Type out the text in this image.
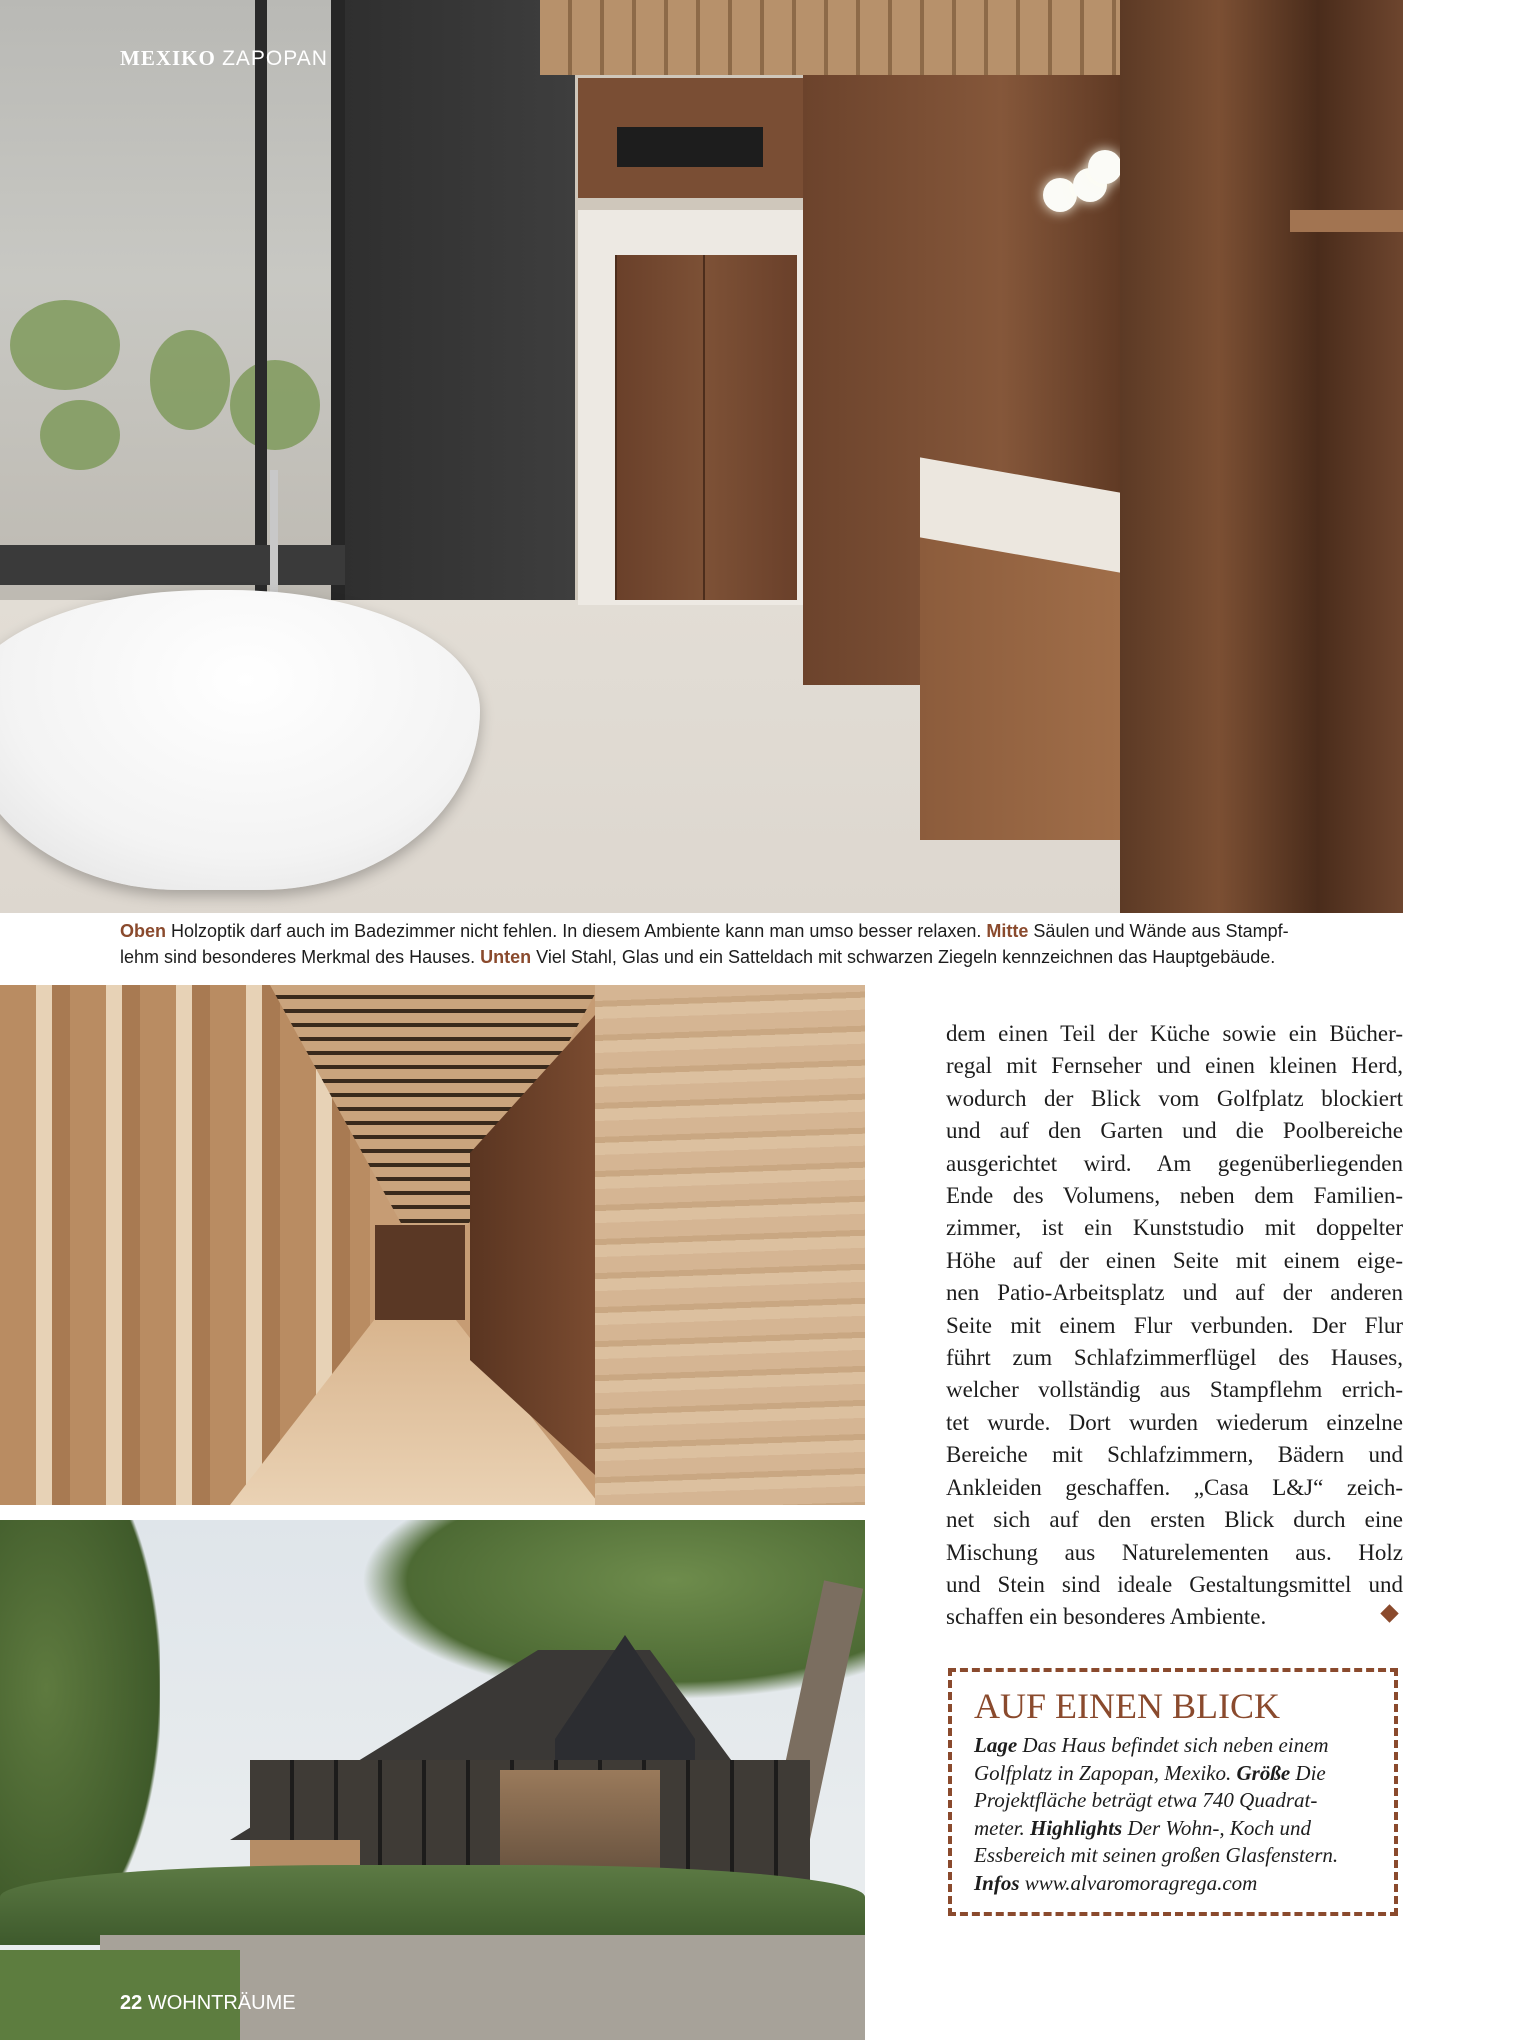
MEXIKO ZAPOPAN
Oben Holzoptik darf auch im Badezimmer nicht fehlen. In diesem Ambiente kann man umso besser relaxen. Mitte Säulen und Wände aus Stampf-
lehm sind besonderes Merkmal des Hauses. Unten Viel Stahl, Glas und ein Satteldach mit schwarzen Ziegeln kennzeichnen das Hauptgebäude.
22 WOHNTRÄUME
dem einen Teil der Küche sowie ein Bücher-
regal mit Fernseher und einen kleinen Herd,
wodurch der Blick vom Golfplatz blockiert
und auf den Garten und die Poolbereiche
ausgerichtet wird. Am gegenüberliegenden
Ende des Volumens, neben dem Familien-
zimmer, ist ein Kunststudio mit doppelter
Höhe auf der einen Seite mit einem eige-
nen Patio-Arbeitsplatz und auf der anderen
Seite mit einem Flur verbunden. Der Flur
führt zum Schlafzimmerflügel des Hauses,
welcher vollständig aus Stampflehm errich-
tet wurde. Dort wurden wiederum einzelne
Bereiche mit Schlafzimmern, Bädern und
Ankleiden geschaffen. „Casa L&J“ zeich-
net sich auf den ersten Blick durch eine
Mischung aus Naturelementen aus. Holz
und Stein sind ideale Gestaltungsmittel und
schaffen ein besonderes Ambiente.
AUF EINEN BLICK
Lage Das Haus befindet sich neben einem
Golfplatz in Zapopan, Mexiko. Größe Die
Projektfläche beträgt etwa 740 Quadrat-
meter. Highlights Der Wohn-, Koch und
Essbereich mit seinen großen Glasfenstern.
Infos www.alvaromoragrega.com
